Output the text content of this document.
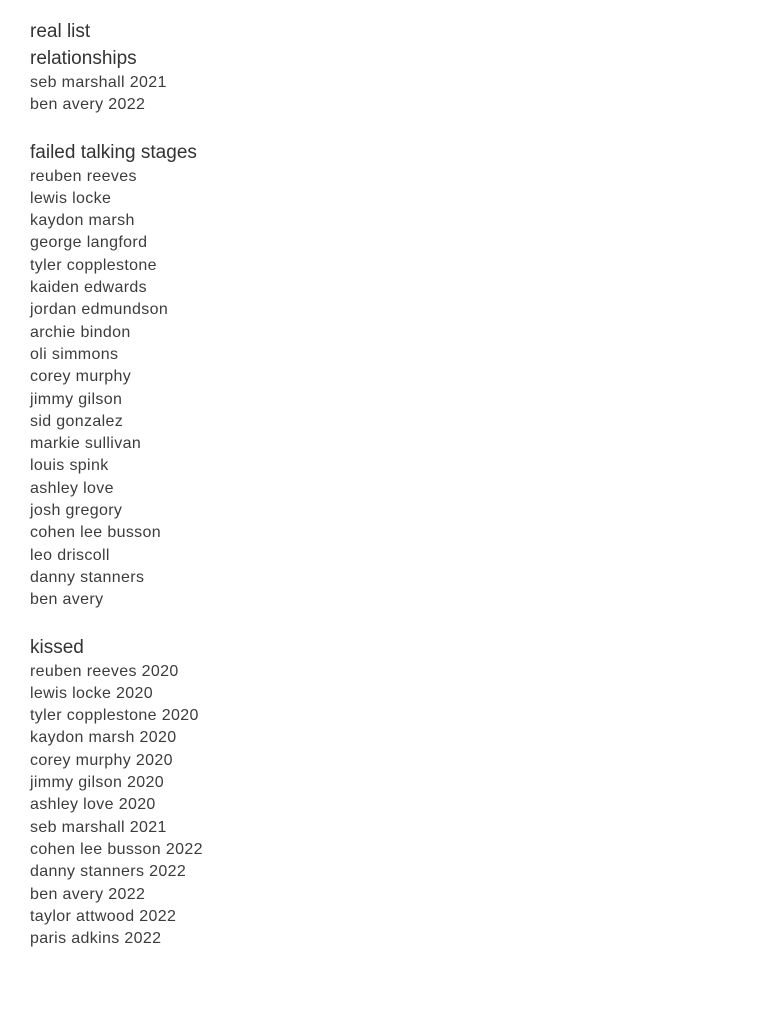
real list
relationships
seb marshall 2021
ben avery 2022
failed talking stages
reuben reeves
lewis locke
kaydon marsh
george langford
tyler copplestone
kaiden edwards
jordan edmundson
archie bindon
oli simmons
corey murphy
jimmy gilson
sid gonzalez
markie sullivan
louis spink
ashley love
josh gregory
cohen lee busson
leo driscoll
danny stanners
ben avery
kissed
reuben reeves 2020
lewis locke 2020
tyler copplestone 2020
kaydon marsh 2020
corey murphy 2020
jimmy gilson 2020
ashley love 2020
seb marshall 2021
cohen lee busson 2022
danny stanners 2022
ben avery 2022
taylor attwood 2022
paris adkins 2022
